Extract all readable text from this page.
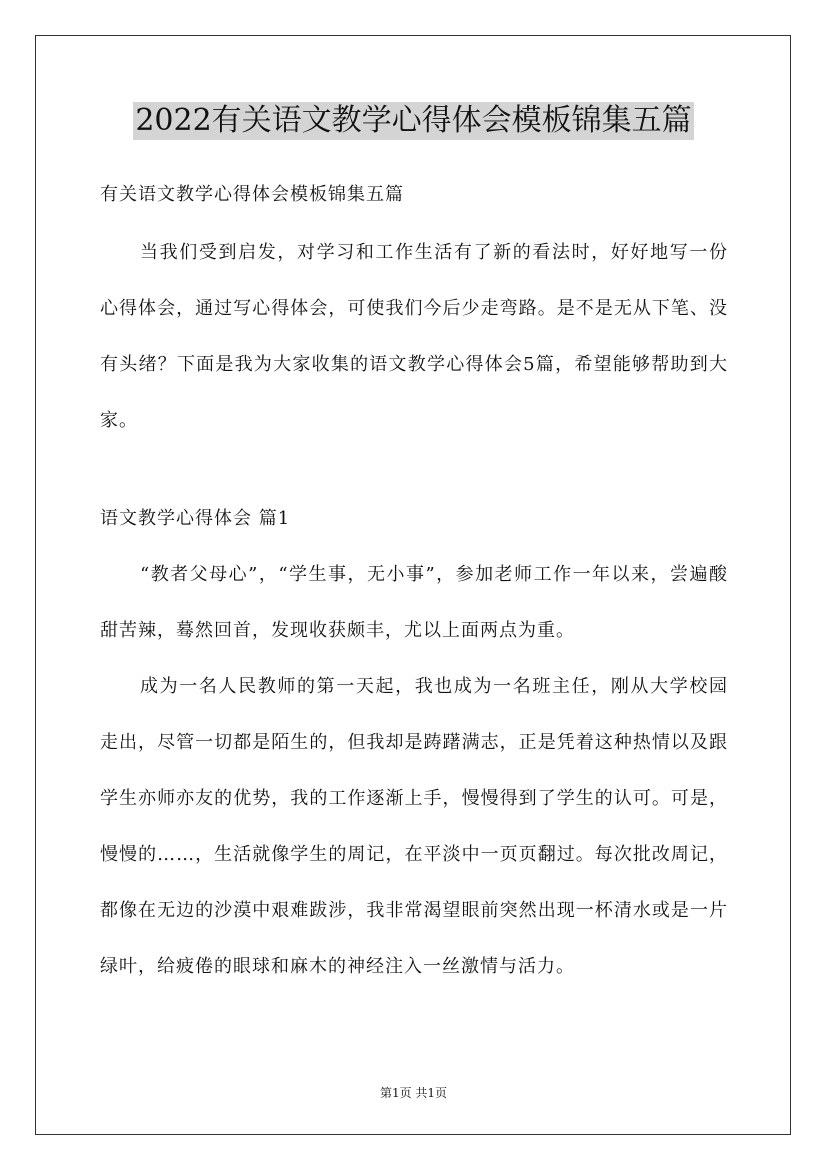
2022有关语文教学心得体会模板锦集五篇

有关语文教学心得体会模板锦集五篇

当我们受到启发，对学习和工作生活有了新的看法时，好好地写一份心得体会，通过写心得体会，可使我们今后少走弯路。是不是无从下笔、没有头绪？下面是我为大家收集的语文教学心得体会5篇，希望能够帮助到大家。

语文教学心得体会 篇1

“教者父母心”，“学生事，无小事”，参加老师工作一年以来，尝遍酸甜苦辣，蓦然回首，发现收获颇丰，尤以上面两点为重。

成为一名人民教师的第一天起，我也成为一名班主任，刚从大学校园走出，尽管一切都是陌生的，但我却是踌躇满志，正是凭着这种热情以及跟学生亦师亦友的优势，我的工作逐渐上手，慢慢得到了学生的认可。可是，慢慢的……，生活就像学生的周记，在平淡中一页页翻过。每次批改周记，都像在无边的沙漠中艰难跋涉，我非常渴望眼前突然出现一杯清水或是一片绿叶，给疲倦的眼球和麻木的神经注入一丝激情与活力。

第1页 共1页
